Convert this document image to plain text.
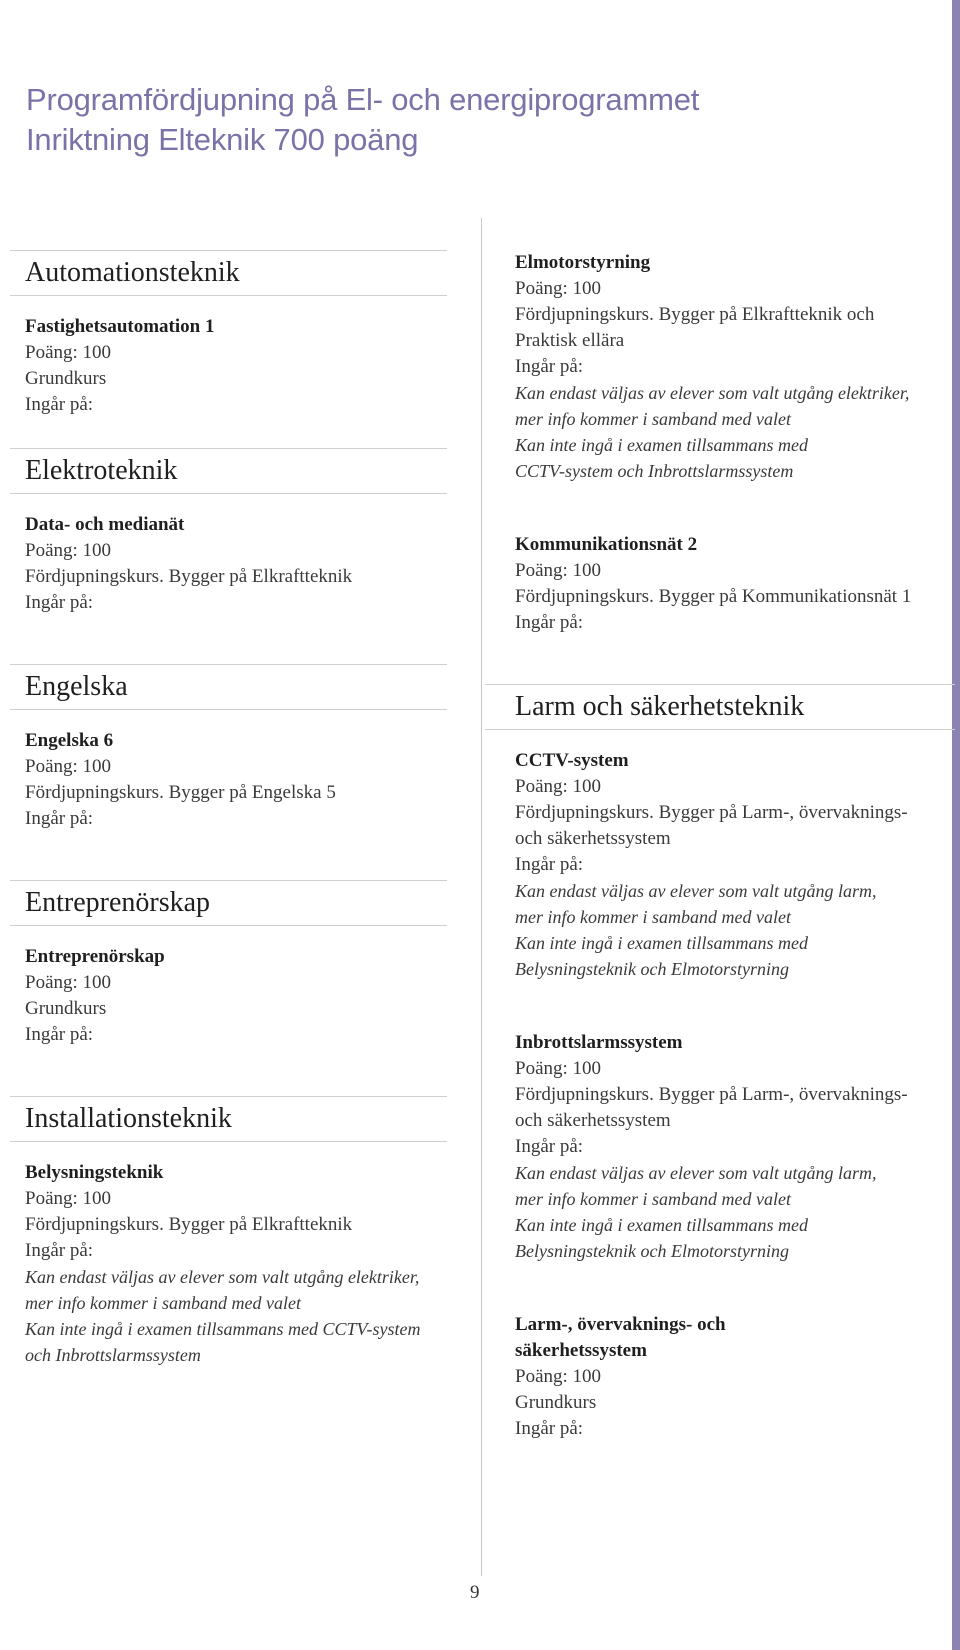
Programfördjupning på El- och energiprogrammet
Inriktning Elteknik 700 poäng
Automationsteknik
Fastighetsautomation 1
Poäng: 100
Grundkurs
Ingår på:
Elektroteknik
Data- och medianät
Poäng: 100
Fördjupningskurs. Bygger på Elkraftteknik
Ingår på:
Engelska
Engelska 6
Poäng: 100
Fördjupningskurs. Bygger på Engelska 5
Ingår på:
Entreprenörskap
Entreprenörskap
Poäng: 100
Grundkurs
Ingår på:
Installationsteknik
Belysningsteknik
Poäng: 100
Fördjupningskurs. Bygger på Elkraftteknik
Ingår på:
Kan endast väljas av elever som valt utgång elektriker,
mer info kommer i samband med valet
Kan inte ingå i examen tillsammans med CCTV-system
och Inbrottslarmssystem
Elmotorstyrning
Poäng: 100
Fördjupningskurs. Bygger på Elkraftteknik och
Praktisk ellära
Ingår på:
Kan endast väljas av elever som valt utgång elektriker,
mer info kommer i samband med valet
Kan inte ingå i examen tillsammans med
CCTV-system och Inbrottslarmssystem
Kommunikationsnät 2
Poäng: 100
Fördjupningskurs. Bygger på Kommunikationsnät 1
Ingår på:
Larm och säkerhetsteknik
CCTV-system
Poäng: 100
Fördjupningskurs. Bygger på Larm-, övervaknings-
och säkerhetssystem
Ingår på:
Kan endast väljas av elever som valt utgång larm,
mer info kommer i samband med valet
Kan inte ingå i examen tillsammans med
Belysningsteknik och Elmotorstyrning
Inbrottslarmssystem
Poäng: 100
Fördjupningskurs. Bygger på Larm-, övervaknings-
och säkerhetssystem
Ingår på:
Kan endast väljas av elever som valt utgång larm,
mer info kommer i samband med valet
Kan inte ingå i examen tillsammans med
Belysningsteknik och Elmotorstyrning
Larm-, övervaknings- och
säkerhetssystem
Poäng: 100
Grundkurs
Ingår på:
9
